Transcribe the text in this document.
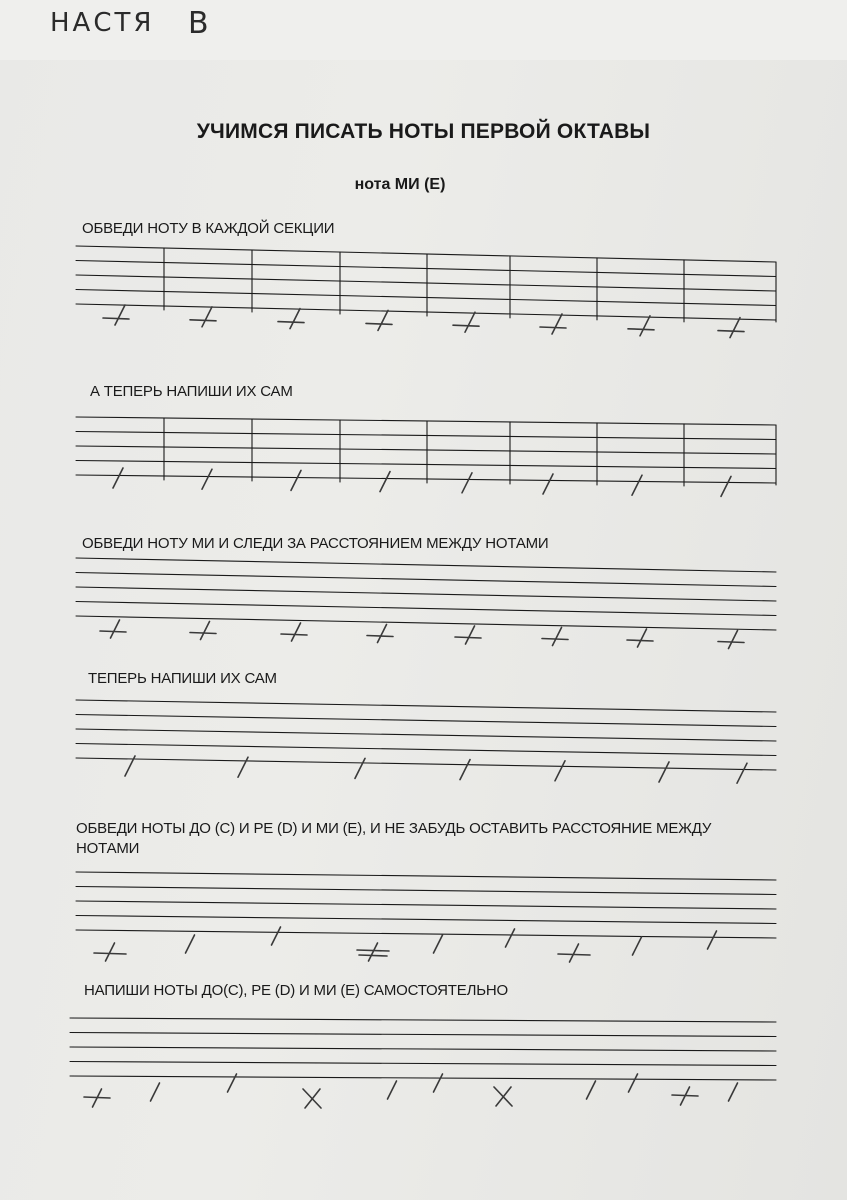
НАСТЯ В
УЧИМСЯ ПИСАТЬ НОТЫ ПЕРВОЙ ОКТАВЫ
нота МИ (E)
ОБВЕДИ НОТУ В КАЖДОЙ СЕКЦИИ
А ТЕПЕРЬ НАПИШИ ИХ САМ
ОБВЕДИ НОТУ МИ И СЛЕДИ ЗА РАССТОЯНИЕМ МЕЖДУ НОТАМИ
ТЕПЕРЬ НАПИШИ ИХ САМ
ОБВЕДИ НОТЫ ДО (С) И РЕ (D) И МИ (E), И НЕ ЗАБУДЬ ОСТАВИТЬ РАССТОЯНИЕ МЕЖДУ
НОТАМИ
НАПИШИ НОТЫ ДО(С), РЕ (D) И МИ (E) САМОСТОЯТЕЛЬНО
